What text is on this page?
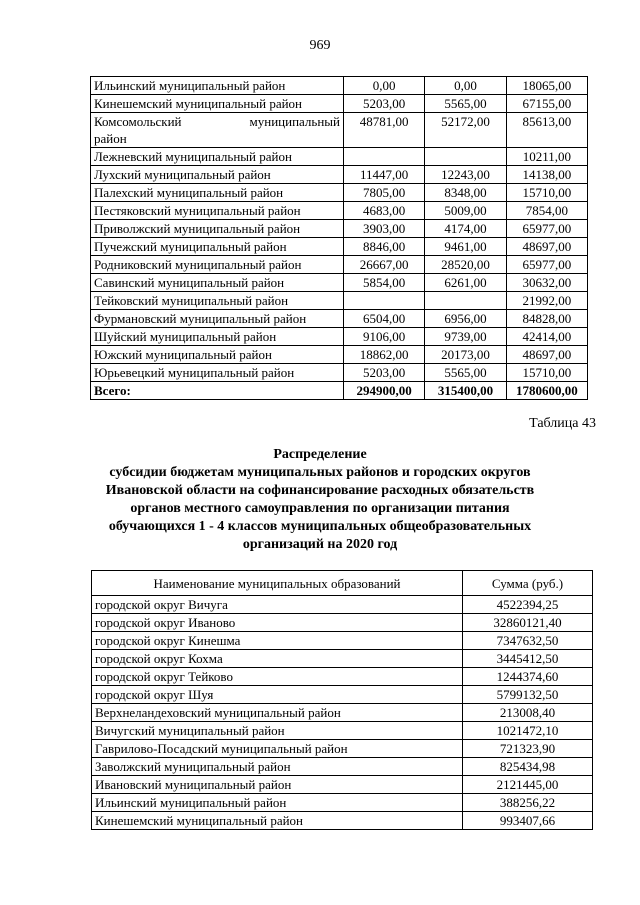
969
Ильинский муниципальный район	0,00	0,00	18065,00
Кинешемский муниципальный район	5203,00	5565,00	67155,00
Комсомольский муниципальный
район	48781,00	52172,00	85613,00
Лежневский муниципальный район			10211,00
Лухский муниципальный район	11447,00	12243,00	14138,00
Палехский муниципальный район	7805,00	8348,00	15710,00
Пестяковский муниципальный район	4683,00	5009,00	7854,00
Приволжский муниципальный район	3903,00	4174,00	65977,00
Пучежский муниципальный район	8846,00	9461,00	48697,00
Родниковский муниципальный район	26667,00	28520,00	65977,00
Савинский муниципальный район	5854,00	6261,00	30632,00
Тейковский муниципальный район			21992,00
Фурмановский муниципальный район	6504,00	6956,00	84828,00
Шуйский муниципальный район	9106,00	9739,00	42414,00
Южский муниципальный район	18862,00	20173,00	48697,00
Юрьевецкий муниципальный район	5203,00	5565,00	15710,00
Всего:	294900,00	315400,00	1780600,00
Таблица 43
Распределение
субсидии бюджетам муниципальных районов и городских округов
Ивановской области на софинансирование расходных обязательств
органов местного самоуправления по организации питания
обучающихся 1 - 4 классов муниципальных общеобразовательных
организаций на 2020 год
Наименование муниципальных образований	Сумма (руб.)
городской округ Вичуга	4522394,25
городской округ Иваново	32860121,40
городской округ Кинешма	7347632,50
городской округ Кохма	3445412,50
городской округ Тейково	1244374,60
городской округ Шуя	5799132,50
Верхнеландеховский муниципальный район	213008,40
Вичугский муниципальный район	1021472,10
Гаврилово-Посадский муниципальный район	721323,90
Заволжский муниципальный район	825434,98
Ивановский муниципальный район	2121445,00
Ильинский муниципальный район	388256,22
Кинешемский муниципальный район	993407,66
